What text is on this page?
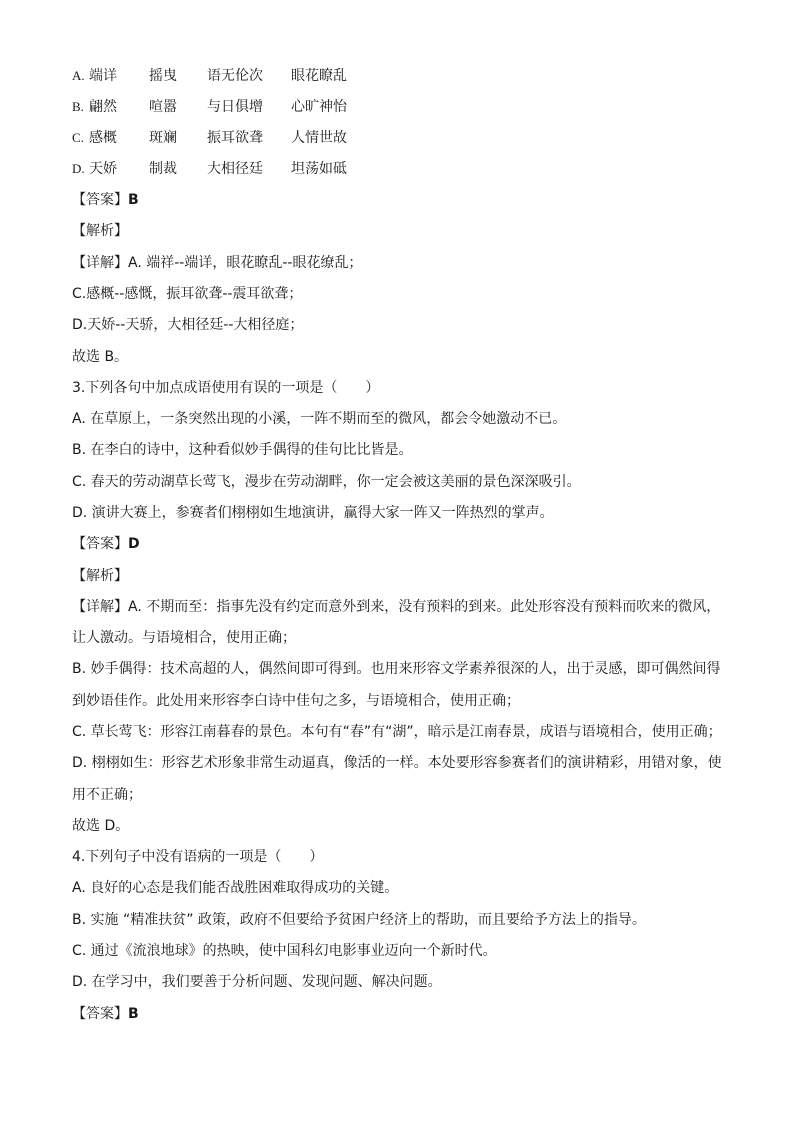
A. 端详 摇曳 语无伦次 眼花瞭乱
B. 翩然 喧嚣 与日俱增 心旷神怡
C. 感概 斑斓 振耳欲聋 人情世故
D. 天娇 制裁 大相径廷 坦荡如砥
【答案】B
【解析】
【详解】A. 端祥--端详，眼花瞭乱--眼花缭乱；
C.感概--感慨，振耳欲聋--震耳欲聋；
D.天娇--天骄，大相径廷--大相径庭；
故选 B。
3.下列各句中加点成语使用有误的一项是（　　）
A. 在草原上，一条突然出现的小溪，一阵不期而至的微风，都会令她激动不已。
B. 在李白的诗中，这种看似妙手偶得的佳句比比皆是。
C. 春天的劳动湖草长莺飞，漫步在劳动湖畔，你一定会被这美丽的景色深深吸引。
D. 演讲大赛上，参赛者们栩栩如生地演讲，赢得大家一阵又一阵热烈的掌声。
【答案】D
【解析】
【详解】A. 不期而至：指事先没有约定而意外到来，没有预料的到来。此处形容没有预料而吹来的微风，
让人激动。与语境相合，使用正确；
B. 妙手偶得：技术高超的人，偶然间即可得到。也用来形容文学素养很深的人，出于灵感，即可偶然间得
到妙语佳作。此处用来形容李白诗中佳句之多，与语境相合，使用正确；
C. 草长莺飞：形容江南暮春的景色。本句有“春”有“湖”，暗示是江南春景，成语与语境相合，使用正确；
D. 栩栩如生：形容艺术形象非常生动逼真，像活的一样。本处要形容参赛者们的演讲精彩，用错对象，使
用不正确；
故选 D。
4.下列句子中没有语病的一项是（　　）
A. 良好的心态是我们能否战胜困难取得成功的关键。
B. 实施 “精准扶贫” 政策，政府不但要给予贫困户经济上的帮助，而且要给予方法上的指导。
C. 通过《流浪地球》的热映，使中国科幻电影事业迈向一个新时代。
D. 在学习中，我们要善于分析问题、发现问题、解决问题。
【答案】B
